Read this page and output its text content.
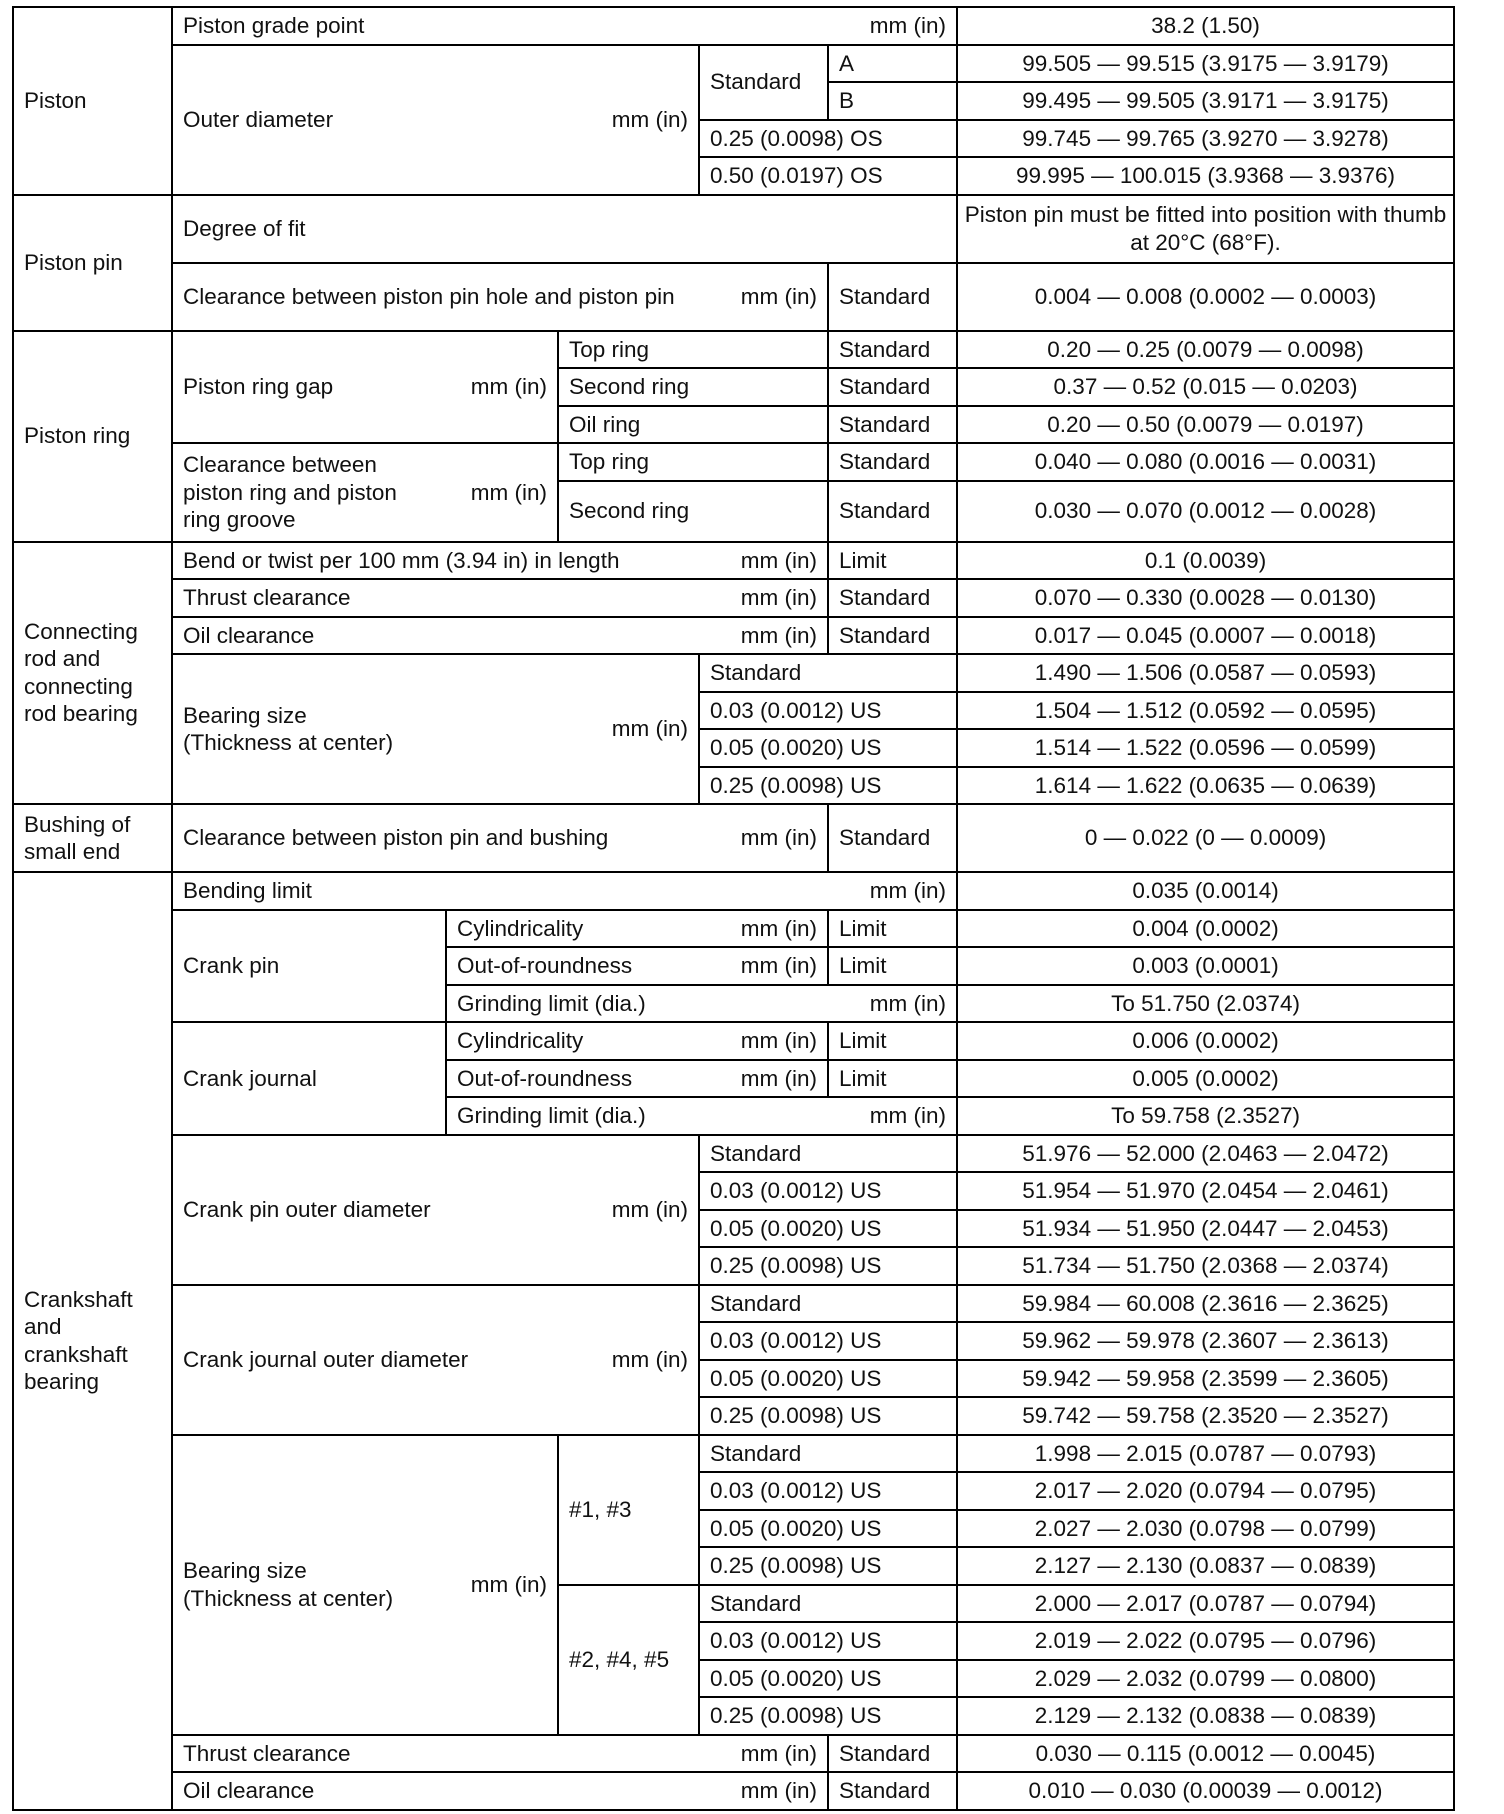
Piston	Piston grade point mm (in)					38.2 (1.50)

	Outer diameter mm (in)			Standard	A	99.505 — 99.515 (3.9175 — 3.9179)
					B	99.495 — 99.505 (3.9171 — 3.9175)
				0.25 (0.0098) OS		99.745 — 99.765 (3.9270 — 3.9278)
				0.50 (0.0197) OS		99.995 — 100.015 (3.9368 — 3.9376)
Piston pin	Degree of fit					Piston pin must be fitted into position with thumb at 20°C (68°F).

	Clearance between piston pin hole and piston pin mm (in)				Standard	0.004 — 0.008 (0.0002 — 0.0003)
Piston ring	Piston ring gap mm (in)		Top ring		Standard	0.20 — 0.25 (0.0079 — 0.0098)
			Second ring		Standard	0.37 — 0.52 (0.015 — 0.0203)
			Oil ring		Standard	0.20 — 0.50 (0.0079 — 0.0197)

	Clearance between
piston ring and piston
ring groove
mm (in)		Top ring		Standard	0.040 — 0.080 (0.0016 — 0.0031)
			Second ring		Standard	0.030 — 0.070 (0.0012 — 0.0028)
Connecting
rod and
connecting
rod bearing	Bend or twist per 100 mm (3.94 in) in length mm (in)				Limit	0.1 (0.0039)

	Thrust clearance mm (in)				Standard	0.070 — 0.330 (0.0028 — 0.0130)

	Oil clearance mm (in)				Standard	0.017 — 0.045 (0.0007 — 0.0018)

	Bearing size
(Thickness at center)
mm (in)			Standard		1.490 — 1.506 (0.0587 — 0.0593)
				0.03 (0.0012) US		1.504 — 1.512 (0.0592 — 0.0595)
				0.05 (0.0020) US		1.514 — 1.522 (0.0596 — 0.0599)
				0.25 (0.0098) US		1.614 — 1.622 (0.0635 — 0.0639)
Bushing of
small end	Clearance between piston pin and bushing mm (in)				Standard	0 — 0.022 (0 — 0.0009)
Crankshaft
and
crankshaft
bearing	Bending limit mm (in)					0.035 (0.0014)
	Crank pin	Cylindricality mm (in)			Limit	0.004 (0.0002)

		Out-of-roundness mm (in)			Limit	0.003 (0.0001)

		Grinding limit (dia.) mm (in)				To 51.750 (2.0374)
	Crank journal	Cylindricality mm (in)			Limit	0.006 (0.0002)

		Out-of-roundness mm (in)			Limit	0.005 (0.0002)

		Grinding limit (dia.) mm (in)				To 59.758 (2.3527)

	Crank pin outer diameter mm (in)			Standard		51.976 — 52.000 (2.0463 — 2.0472)
				0.03 (0.0012) US		51.954 — 51.970 (2.0454 — 2.0461)
				0.05 (0.0020) US		51.934 — 51.950 (2.0447 — 2.0453)
				0.25 (0.0098) US		51.734 — 51.750 (2.0368 — 2.0374)

	Crank journal outer diameter mm (in)			Standard		59.984 — 60.008 (2.3616 — 2.3625)
				0.03 (0.0012) US		59.962 — 59.978 (2.3607 — 2.3613)
				0.05 (0.0020) US		59.942 — 59.958 (2.3599 — 2.3605)
				0.25 (0.0098) US		59.742 — 59.758 (2.3520 — 2.3527)

	Bearing size
(Thickness at center)
mm (in)		#1, #3	Standard		1.998 — 2.015 (0.0787 — 0.0793)
				0.03 (0.0012) US		2.017 — 2.020 (0.0794 — 0.0795)
				0.05 (0.0020) US		2.027 — 2.030 (0.0798 — 0.0799)
				0.25 (0.0098) US		2.127 — 2.130 (0.0837 — 0.0839)
			#2, #4, #5	Standard		2.000 — 2.017 (0.0787 — 0.0794)
				0.03 (0.0012) US		2.019 — 2.022 (0.0795 — 0.0796)
				0.05 (0.0020) US		2.029 — 2.032 (0.0799 — 0.0800)
				0.25 (0.0098) US		2.129 — 2.132 (0.0838 — 0.0839)

	Thrust clearance mm (in)				Standard	0.030 — 0.115 (0.0012 — 0.0045)

	Oil clearance mm (in)				Standard	0.010 — 0.030 (0.00039 — 0.0012)
